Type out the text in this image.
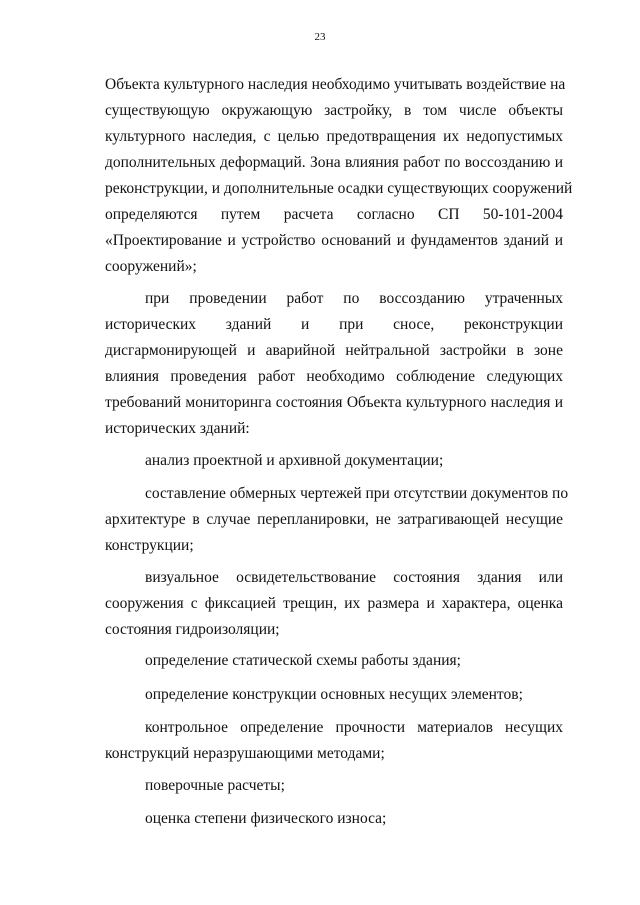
23
Объекта культурного наследия необходимо учитывать воздействие на
существующую окружающую застройку, в том числе объекты
культурного наследия, с целью предотвращения их недопустимых
дополнительных деформаций. Зона влияния работ по воссозданию и
реконструкции, и дополнительные осадки существующих сооружений
определяются путем расчета согласно СП 50-101-2004
«Проектирование и устройство оснований и фундаментов зданий и
сооружений»;
при проведении работ по воссозданию утраченных
исторических зданий и при сносе, реконструкции
дисгармонирующей и аварийной нейтральной застройки в зоне
влияния проведения работ необходимо соблюдение следующих
требований мониторинга состояния Объекта культурного наследия и
исторических зданий:
анализ проектной и архивной документации;
составление обмерных чертежей при отсутствии документов по
архитектуре в случае перепланировки, не затрагивающей несущие
конструкции;
визуальное освидетельствование состояния здания или
сооружения с фиксацией трещин, их размера и характера, оценка
состояния гидроизоляции;
определение статической схемы работы здания;
определение конструкции основных несущих элементов;
контрольное определение прочности материалов несущих
конструкций неразрушающими методами;
поверочные расчеты;
оценка степени физического износа;
